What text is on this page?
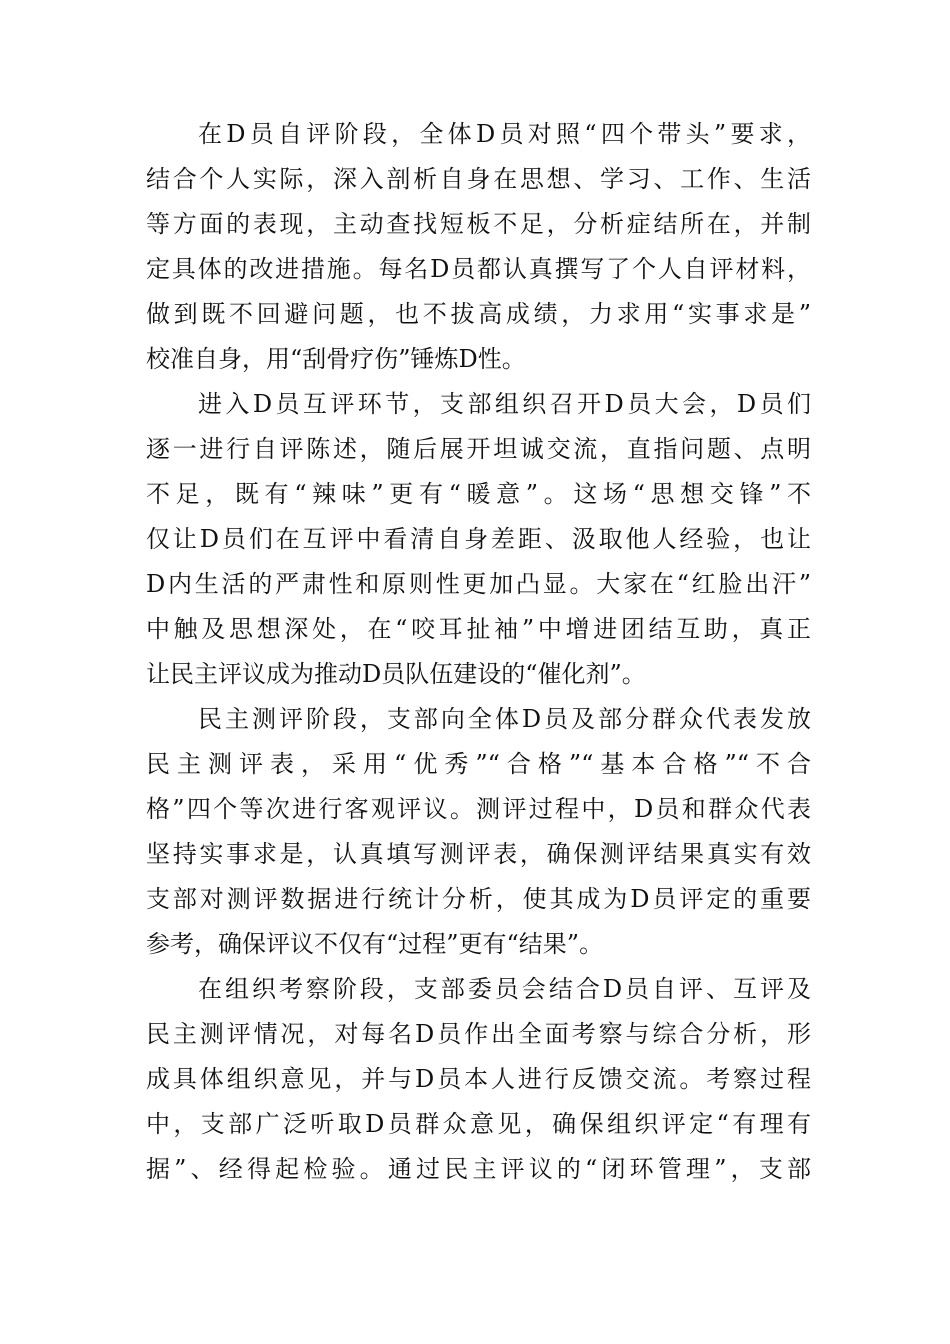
在D员自评阶段，全体D员对照“四个带头”要求，
结合个人实际，深入剖析自身在思想、学习、工作、生活
等方面的表现，主动查找短板不足，分析症结所在，并制
定具体的改进措施。每名D员都认真撰写了个人自评材料，
做到既不回避问题，也不拔高成绩，力求用“实事求是”
校准自身，用“刮骨疗伤”锤炼D性。
进入D员互评环节，支部组织召开D员大会，D员们
逐一进行自评陈述，随后展开坦诚交流，直指问题、点明
不足，既有“辣味”更有“暖意”。这场“思想交锋”不
仅让D员们在互评中看清自身差距、汲取他人经验，也让
D内生活的严肃性和原则性更加凸显。大家在“红脸出汗”
中触及思想深处，在“咬耳扯袖”中增进团结互助，真正
让民主评议成为推动D员队伍建设的“催化剂”。
民主测评阶段，支部向全体D员及部分群众代表发放
民主测评表，采用“优秀”“合格”“基本合格”“不合
格”四个等次进行客观评议。测评过程中，D员和群众代表
坚持实事求是，认真填写测评表，确保测评结果真实有效
支部对测评数据进行统计分析，使其成为D员评定的重要
参考，确保评议不仅有“过程”更有“结果”。
在组织考察阶段，支部委员会结合D员自评、互评及
民主测评情况，对每名D员作出全面考察与综合分析，形
成具体组织意见，并与D员本人进行反馈交流。考察过程
中，支部广泛听取D员群众意见，确保组织评定“有理有
据”、经得起检验。通过民主评议的“闭环管理”，支部
